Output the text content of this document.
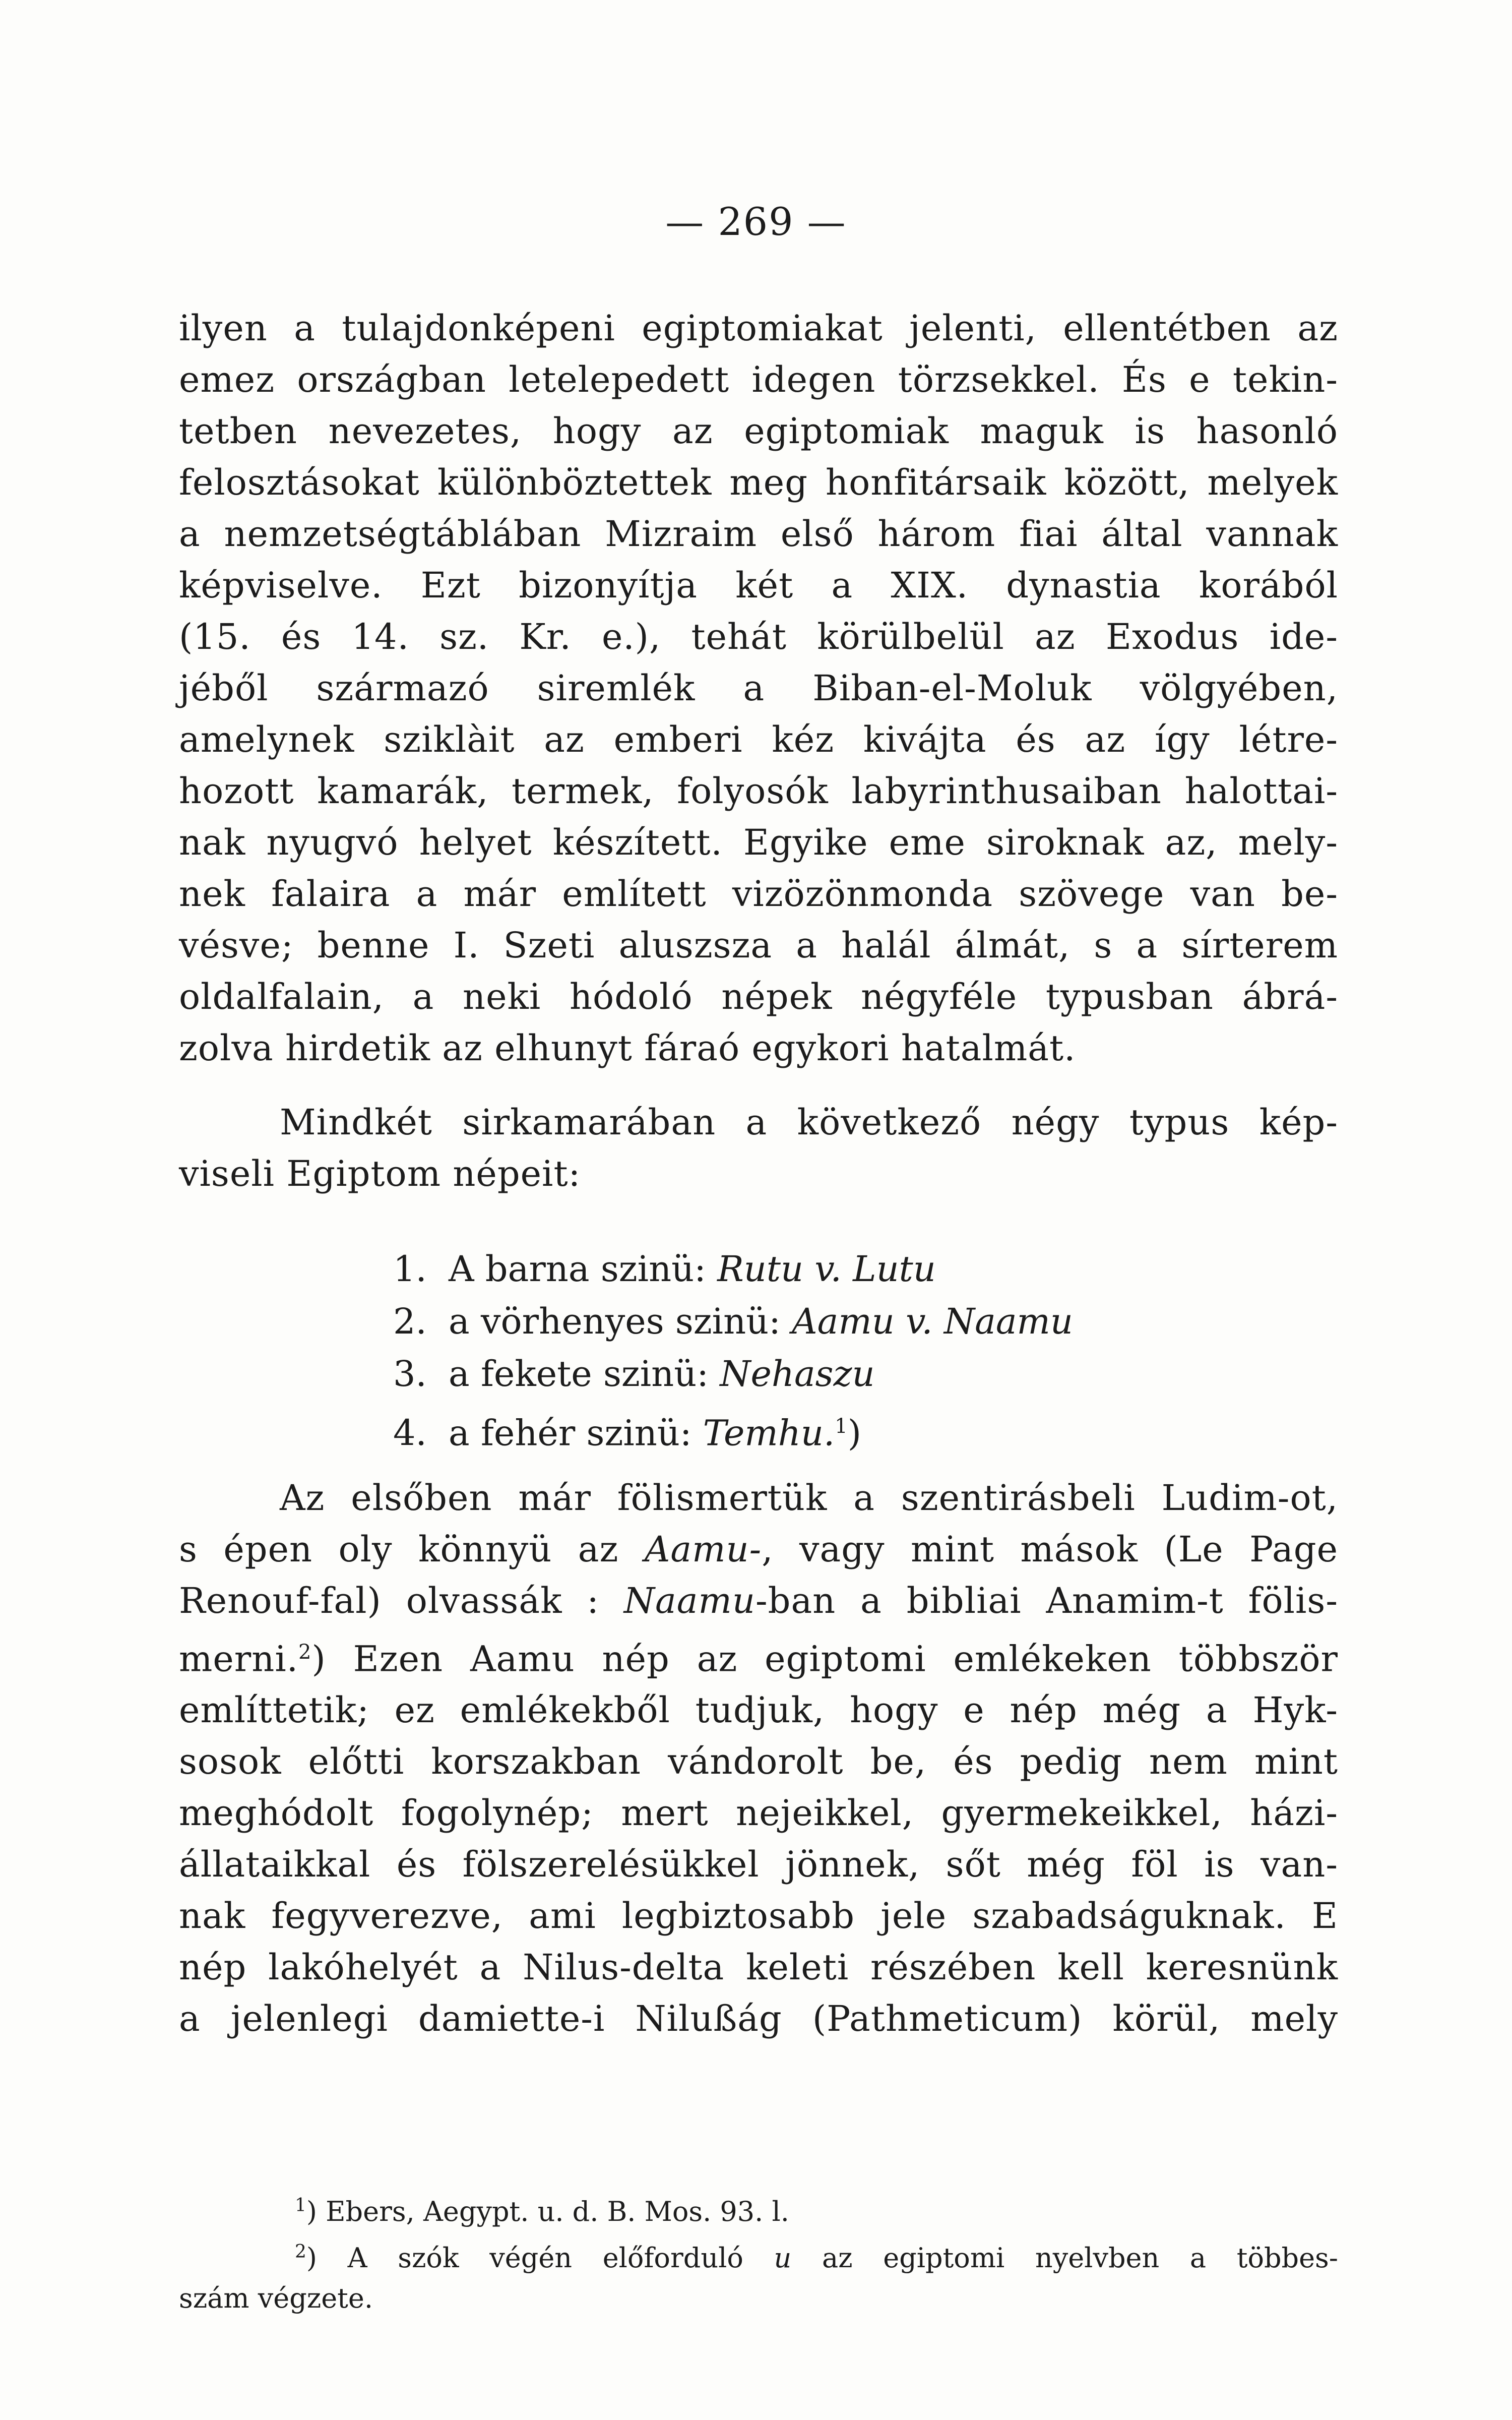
— 269 —
ilyen a tulajdonképeni egiptomiakat jelenti, ellentétben az
emez országban letelepedett idegen törzsekkel. És e tekin-
tetben nevezetes, hogy az egiptomiak maguk is hasonló
felosztásokat különböztettek meg honfitársaik között, melyek
a nemzetségtáblában Mizraim első három fiai által vannak
képviselve. Ezt bizonyítja két a XIX. dynastia korából
(15. és 14. sz. Kr. e.), tehát körülbelül az Exodus ide-
jéből származó siremlék a Biban-el-Moluk völgyében,
amelynek sziklàit az emberi kéz kivájta és az így létre-
hozott kamarák, termek, folyosók labyrinthusaiban halottai-
nak nyugvó helyet készített. Egyike eme siroknak az, mely-
nek falaira a már említett vizözönmonda szövege van be-
vésve; benne I. Szeti aluszsza a halál álmát, s a sírterem
oldalfalain, a neki hódoló népek négyféle typusban ábrá-
zolva hirdetik az elhunyt fáraó egykori hatalmát.
Mindkét sirkamarában a következő négy typus kép-
viseli Egiptom népeit:
1. A barna szinü: Rutu v. Lutu
2. a vörhenyes szinü: Aamu v. Naamu
3. a fekete szinü: Nehaszu
4. a fehér szinü: Temhu.$^1$)
Az elsőben már fölismertük a szentirásbeli Ludim-ot,
s épen oly könnyü az Aamu-, vagy mint mások (Le Page
Renouf-fal) olvassák : Naamu-ban a bibliai Anamim-t fölis-
merni.$^2$) Ezen Aamu nép az egiptomi emlékeken többször
említtetik; ez emlékekből tudjuk, hogy e nép még a Hyk-
sosok előtti korszakban vándorolt be, és pedig nem mint
meghódolt fogolynép; mert nejeikkel, gyermekeikkel, házi-
állataikkal és fölszerelésükkel jönnek, sőt még föl is van-
nak fegyverezve, ami legbiztosabb jele szabadságuknak. E
nép lakóhelyét a Nilus-delta keleti részében kell keresnünk
a jelenlegi damiette-i Nilußág (Pathmeticum) körül, mely
$^1$) Ebers, Aegypt. u. d. B. Mos. 93. l.
$^2$) A szók végén előforduló u az egiptomi nyelvben a többes-
szám végzete.
